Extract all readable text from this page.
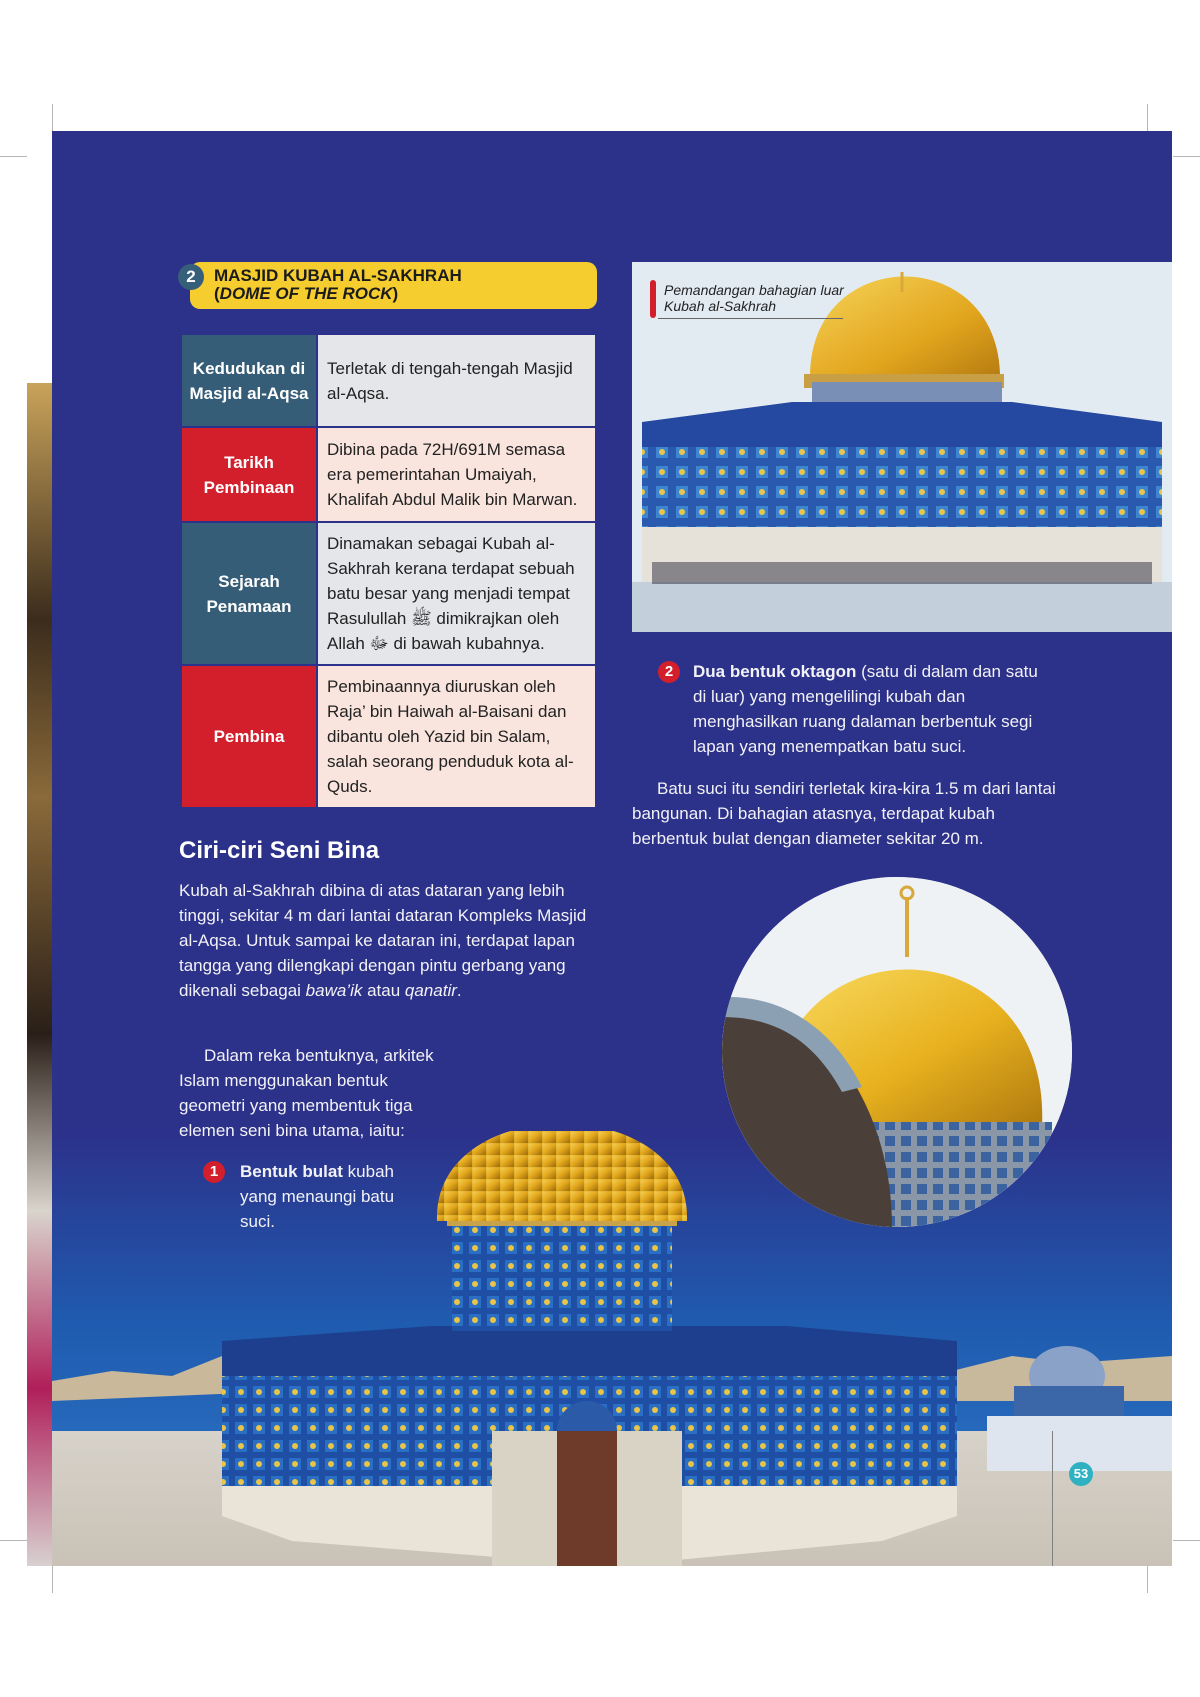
2	MASJID KUBAH AL-SAKHRAH
(DOME OF THE ROCK)
Kedudukan di Masjid al-Aqsa	Terletak di tengah-tengah Masjid al-Aqsa.
Tarikh Pembinaan	Dibina pada 72H/691M semasa era pemerintahan Umaiyah, Khalifah Abdul Malik bin Marwan.
Sejarah Penamaan	Dinamakan sebagai Kubah al-Sakhrah kerana terdapat sebuah batu besar yang menjadi tempat Rasulullah ﷺ dimikrajkan oleh Allah ﷻ di bawah kubahnya.
Pembina	Pembinaannya diuruskan oleh Raja’ bin Haiwah al-Baisani dan dibantu oleh Yazid bin Salam, salah seorang penduduk kota al-Quds.
Ciri-ciri Seni Bina
Kubah al-Sakhrah dibina di atas dataran yang lebih tinggi, sekitar 4 m dari lantai dataran Kompleks Masjid al-Aqsa. Untuk sampai ke dataran ini, terdapat lapan tangga yang dilengkapi dengan pintu gerbang yang dikenali sebagai bawa’ik atau qanatir.
Dalam reka bentuknya, arkitek Islam menggunakan bentuk geometri yang membentuk tiga elemen seni bina utama, iaitu:
1	Bentuk bulat kubah yang menaungi batu suci.
Pemandangan bahagian luar
Kubah al-Sakhrah
2	Dua bentuk oktagon (satu di dalam dan satu di luar) yang mengelilingi kubah dan menghasilkan ruang dalaman berbentuk segi lapan yang menempatkan batu suci.
Batu suci itu sendiri terletak kira-kira 1.5 m dari lantai bangunan. Di bahagian atasnya, terdapat kubah berbentuk bulat dengan diameter sekitar 20 m.
53
